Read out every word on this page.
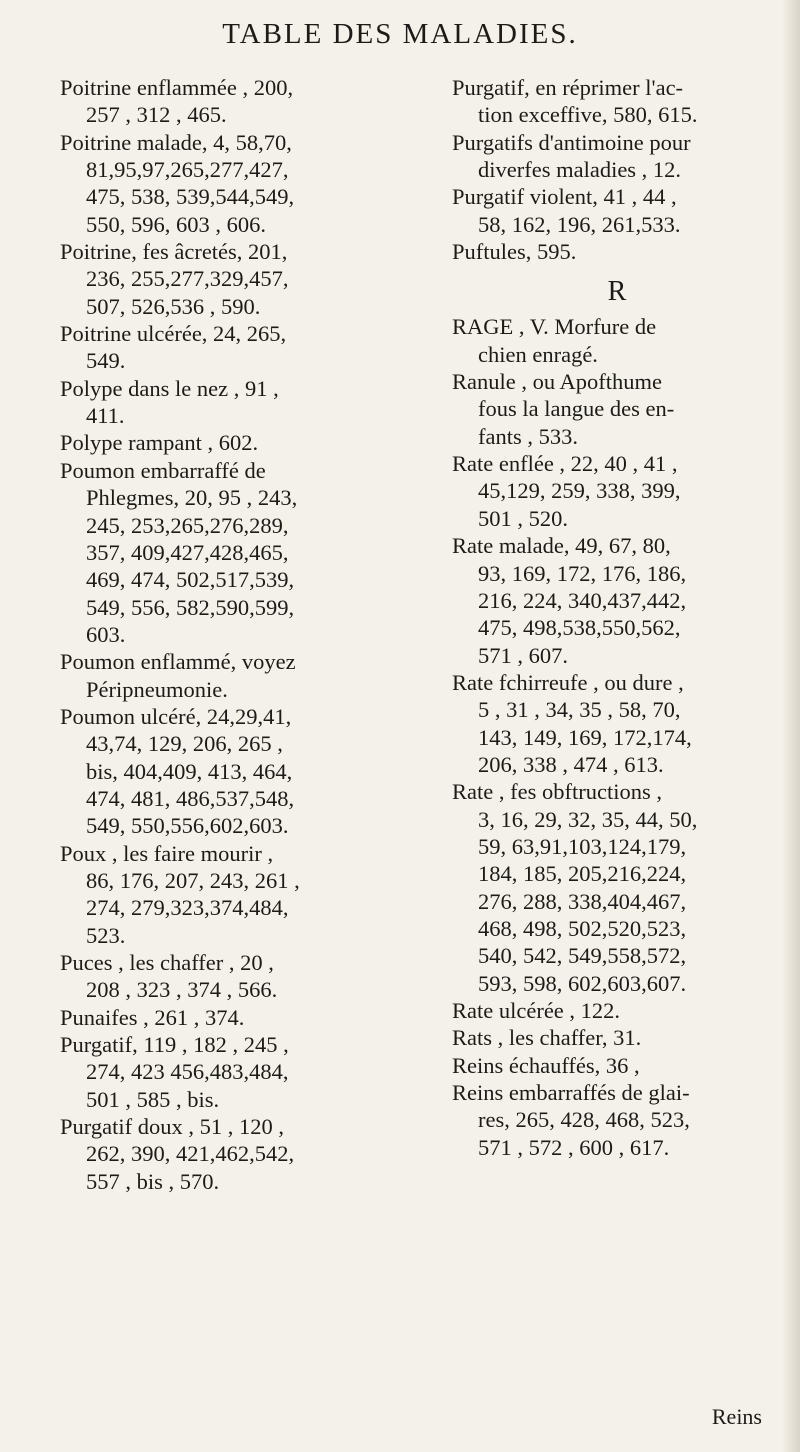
TABLE DES MALADIES.
Poitrine enflammée , 200,
257 , 312 , 465.
Poitrine malade, 4, 58,70,
81,95,97,265,277,427,
475, 538, 539,544,549,
550, 596, 603 , 606.
Poitrine, fes âcretés, 201,
236, 255,277,329,457,
507, 526,536 , 590.
Poitrine ulcérée, 24, 265,
549.
Polype dans le nez , 91 ,
411.
Polype rampant , 602.
Poumon embarraffé de
Phlegmes, 20, 95 , 243,
245, 253,265,276,289,
357, 409,427,428,465,
469, 474, 502,517,539,
549, 556, 582,590,599,
603.
Poumon enflammé, voyez
Péripneumonie.
Poumon ulcéré, 24,29,41,
43,74, 129, 206, 265 ,
bis, 404,409, 413, 464,
474, 481, 486,537,548,
549, 550,556,602,603.
Poux , les faire mourir ,
86, 176, 207, 243, 261 ,
274, 279,323,374,484,
523.
Puces , les chaffer , 20 ,
208 , 323 , 374 , 566.
Punaifes , 261 , 374.
Purgatif, 119 , 182 , 245 ,
274, 423 456,483,484,
501 , 585 , bis.
Purgatif doux , 51 , 120 ,
262, 390, 421,462,542,
557 , bis , 570.
Purgatif, en réprimer l'ac-
tion exceffive, 580, 615.
Purgatifs d'antimoine pour
diverfes maladies , 12.
Purgatif violent, 41 , 44 ,
58, 162, 196, 261,533.
Puftules, 595.
R
RAGE , V. Morfure de
chien enragé.
Ranule , ou Apofthume
fous la langue des en-
fants , 533.
Rate enflée , 22, 40 , 41 ,
45,129, 259, 338, 399,
501 , 520.
Rate malade, 49, 67, 80,
93, 169, 172, 176, 186,
216, 224, 340,437,442,
475, 498,538,550,562,
571 , 607.
Rate fchirreufe , ou dure ,
5 , 31 , 34, 35 , 58, 70,
143, 149, 169, 172,174,
206, 338 , 474 , 613.
Rate , fes obftructions ,
3, 16, 29, 32, 35, 44, 50,
59, 63,91,103,124,179,
184, 185, 205,216,224,
276, 288, 338,404,467,
468, 498, 502,520,523,
540, 542, 549,558,572,
593, 598, 602,603,607.
Rate ulcérée , 122.
Rats , les chaffer, 31.
Reins échauffés, 36 ,
Reins embarraffés de glai-
res, 265, 428, 468, 523,
571 , 572 , 600 , 617.
Reins
